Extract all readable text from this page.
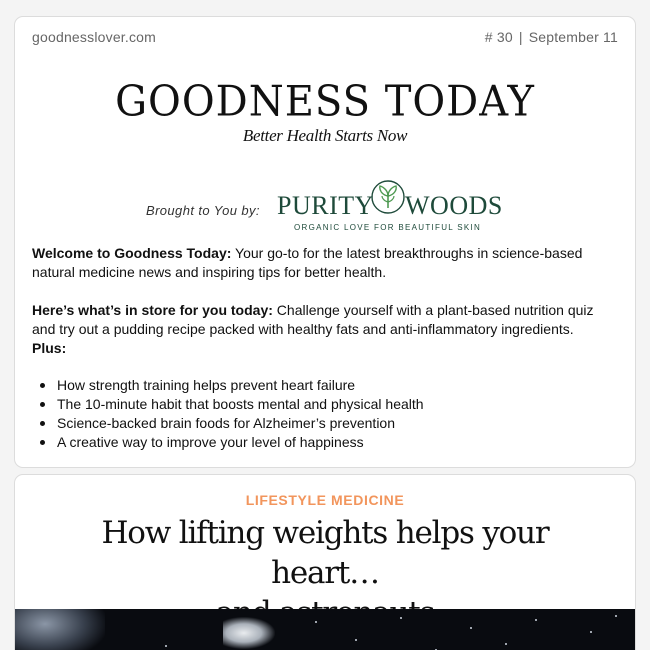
goodnesslover.com	# 30 | September 11
GOODNESS TODAY
Better Health Starts Now
Brought to You by: PURITY WOODS
ORGANIC LOVE FOR BEAUTIFUL SKIN

Welcome to Goodness Today: Your go-to for the latest breakthroughs in science-based natural medicine news and inspiring tips for better health.

Here’s what’s in store for you today: Challenge yourself with a plant-based nutrition quiz and try out a pudding recipe packed with healthy fats and anti-inflammatory ingredients. Plus:

How strength training helps prevent heart failure
The 10-minute habit that boosts mental and physical health
Science-backed brain foods for Alzheimer’s prevention
A creative way to improve your level of happiness
LIFESTYLE MEDICINE
How lifting weights helps your heart…
